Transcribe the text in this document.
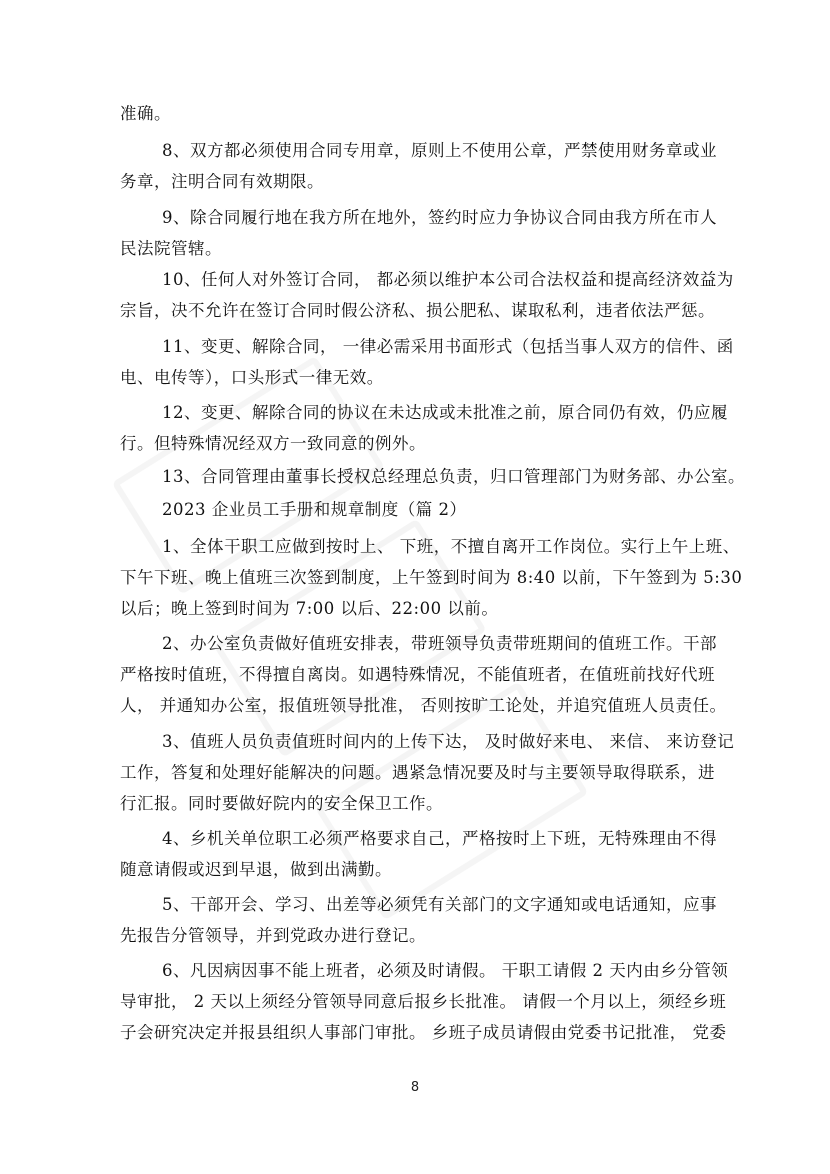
准确。
8、双方都必须使用合同专用章，原则上不使用公章，严禁使用财务章或业
务章，注明合同有效期限。
9、除合同履行地在我方所在地外，签约时应力争协议合同由我方所在市人
民法院管辖。
10、任何人对外签订合同， 都必须以维护本公司合法权益和提高经济效益为
宗旨，决不允许在签订合同时假公济私、损公肥私、谋取私利，违者依法严惩。
11、变更、解除合同， 一律必需采用书面形式（包括当事人双方的信件、函
电、电传等），口头形式一律无效。
12、变更、解除合同的协议在未达成或未批准之前，原合同仍有效，仍应履
行。但特殊情况经双方一致同意的例外。
13、合同管理由董事长授权总经理总负责，归口管理部门为财务部、办公室。
2023 企业员工手册和规章制度（篇 2）
1、全体干职工应做到按时上、 下班，不擅自离开工作岗位。实行上午上班、
下午下班、晚上值班三次签到制度，上午签到时间为 8:40 以前，下午签到为 5:30
以后；晚上签到时间为 7:00 以后、22:00 以前。
2、办公室负责做好值班安排表，带班领导负责带班期间的值班工作。干部
严格按时值班，不得擅自离岗。如遇特殊情况，不能值班者，在值班前找好代班
人， 并通知办公室，报值班领导批准， 否则按旷工论处，并追究值班人员责任。
3、值班人员负责值班时间内的上传下达， 及时做好来电、 来信、 来访登记
工作，答复和处理好能解决的问题。遇紧急情况要及时与主要领导取得联系，进
行汇报。同时要做好院内的安全保卫工作。
4、乡机关单位职工必须严格要求自己，严格按时上下班，无特殊理由不得
随意请假或迟到早退，做到出满勤。
5、干部开会、学习、出差等必须凭有关部门的文字通知或电话通知，应事
先报告分管领导，并到党政办进行登记。
6、凡因病因事不能上班者，必须及时请假。 干职工请假 2 天内由乡分管领
导审批， 2 天以上须经分管领导同意后报乡长批准。 请假一个月以上，须经乡班
子会研究决定并报县组织人事部门审批。 乡班子成员请假由党委书记批准， 党委
8
